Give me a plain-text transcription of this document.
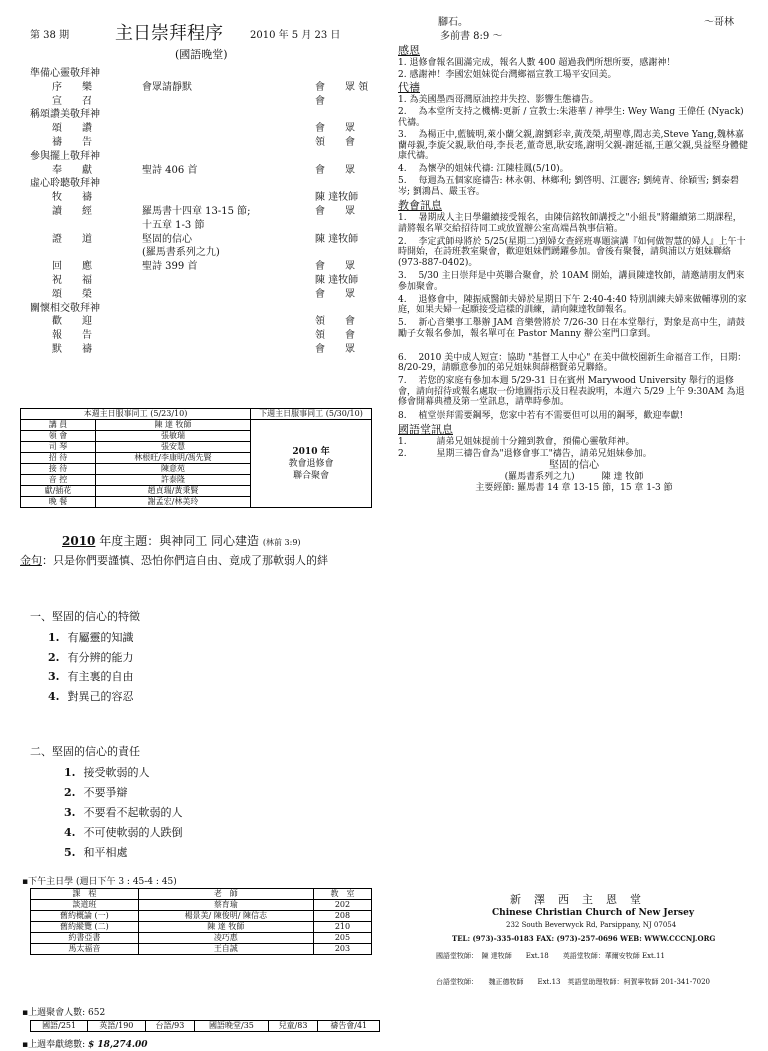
第 38 期	主日崇拜程序	2010 年 5 月 23 日
(國語晚堂)
準備心靈敬拜神
序　　樂	會眾請靜默	會　　眾 領
宣　　召	會
稱頌讚美敬拜神
頌　　讚	會　　眾
禱　　告	領　　會
參與擺上敬拜神
奉　　獻	聖詩 406 首	會　　眾
虛心聆聽敬拜神
牧　　禱	陳 達牧師
讀　　經	羅馬書十四章 13-15 節;	會　　眾
十五章 1-3 節
證　　道	堅固的信心	陳 達牧師
(羅馬書系列之九)
回　　應	聖詩 399 首	會　　眾
祝　　福	陳 達牧師
頌　　榮	會　　眾
關懷相交敬拜神
歡　　迎	領　　會
報　　告	領　　會
默　　禱	會　　眾
本週主日服事同工 (5/23/10)		下週主日服事同工 (5/30/10)
講 員	陳 達 牧師	2010 年
教會退修會
聯合聚會

領 會	張敏瑞	
司 琴	張安慧	
招 待	林根旺/李康明/馮先賢	
接 待	陳意苑	
音 控	許泰隆	
獻/插花	趙貞瑞/黃秉賢	
晚 餐	謝孟宏/林美玲	
2010 年度主題：與神同工 同心建造 (林前 3:9)
金句：只是你們要謹慎、恐怕你們這自由、竟成了那軟弱人的絆
一、堅固的信心的特徵
1. 有屬靈的知識
2. 有分辨的能力
3. 有主裏的自由
4. 對異己的容忍
二、堅固的信心的責任
1. 接受軟弱的人
2. 不要爭辯
3. 不要看不起軟弱的人
4. 不可使軟弱的人跌倒
5. 和平相處
▪下午主日學 (週日下午 3 : 45-4 : 45)
課　程	老　師	教　室
談道班	蔡育瑜	202
舊約概論 (一)	楊景美/ 陳俊明/ 陳信志	208
舊約縱覽 (二)	陳 達 牧師	210
約書亞書	凌巧惠	205
馬太福音	王自誠	203
▪上週聚會人數: 652
國語/251	英語/190	台語/93	國語晚堂/35	兒童/83	禱告會/41
▪上週奉獻總數: $ 18,274.00
腳石。	～哥林
多前書 8:9 ～
感恩
1. 退修會報名圓滿完成，報名人數 400 超過我們所想所要，感謝神！
2. 感謝神！李國宏姐妹從台灣鄉福宣教工場平安回美。
代禱
1. 為美國墨西哥灣原油控井失控、影響生態禱告。
2. 　為本堂所支持之機構:更新 / 宣教士:朱港華 / 神學生: Wey Wang 王偉任 (Nyack)代禱。
3. 　為楊正中,藍毓明,萊小蘭父親,謝劉彩幸,黃茂榮,胡聖尊,閻志美,Steve Yang,魏林嘉蘭母親,李旋父親,耿伯母,李長老,董奇恩,耿安瑤,謝明父親-謝延福,王蕙父親,吳益堅身體健康代禱。
4. 　為懷孕的姐妹代禱: 江陳桂鳳(5/10)。
5. 　每週為五個家庭禱告: 林永朝、林鄉利; 劉啓明、江麗容; 劉純青、徐穎雪; 劉泰碧岑; 劉鴻昌、嚴玉容。
教會訊息
1. 　暑期成人主日學繼續接受報名，由陳信銘牧師講授之"小組長"將繼續第二期課程，請將報名單交給招待同工或放置辦公室高端昌執事信箱。
2. 　李定武師母將於 5/25(星期二)到婦女查經班專題演講『如何做智慧的婦人』上午十時開始，在詩班教室聚會，歡迎姐妹們踴躍參加。會後有聚餐，請與浦以方姐妹聯絡 (973-887-0402)。
3. 　5/30 主日崇拜是中英聯合聚會，於 10AM 開始，講員陳達牧師，請邀請朋友們來參加聚會。
4. 　退修會中，陳振威醫師夫婦於星期日下午 2:40-4:40 特別訓練夫婦來做輔導別的家庭，如果夫婦一起願接受這樣的訓練，請向陳達牧師報名。
5. 　新心音樂事工舉辦 JAM 音樂營將於 7/26-30 日在本堂舉行，對象是高中生，請鼓勵子女報名參加，報名單可在 Pastor Manny 辦公室門口拿到。
6. 　2010 美中成人短宣：協助 "基督工人中心" 在美中做校園新生命福音工作，日期：8/20-29，請願意參加的弟兄姐妹與薛楷賢弟兄聯絡。
7. 　若您的家庭有參加本週 5/29-31 日在賓州 Marywood University 舉行的退修會，請向招待或報名處取一份地圖指示及日程表說明，本週六 5/29 上午 9:30AM 為退修會開幕典禮及第一堂訊息，請準時參加。
8. 　植堂崇拜需要鋼琴，您家中若有不需要但可以用的鋼琴，歡迎奉獻!
國語堂訊息
1. 　　　請弟兄姐妹提前十分鐘到教會，預備心靈敬拜神。
2. 　　　星期三禱告會為"退修會事工"禱告，請弟兄姐妹參加。
堅固的信心
(羅馬書系列之九)　　　陳 達 牧師
主要經節: 羅馬書 14 章 13-15 節，15 章 1-3 節
新　澤　西　主　恩　堂
Chinese Christian Church of New Jersey
232 South Beverwyck Rd, Parsippany, NJ 07054
TEL: (973)-335-0183 FAX: (973)-257-0696 WEB: WWW.CCCNJ.ORG
國語堂牧師：　陳 達牧師　　Ext.18　　 英語堂牧師：華爾安牧師 Ext.11
台語堂牧師：　　魏正德牧師　　Ext.13　 英語堂助理牧師：柯賀寧牧師 201-341-7020
